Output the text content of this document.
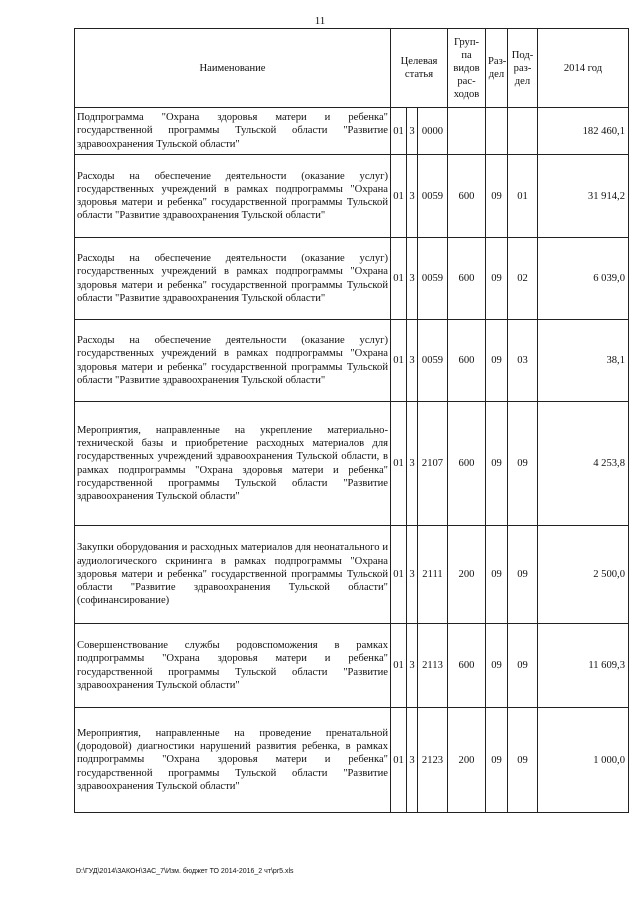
11
Наименование	Целевая статья			Груп-па видов рас-ходов	Раз-дел	Под-раз-дел	2014 год
Подпрограмма "Охрана здоровья матери и ребенка" государственной программы Тульской области "Развитие здравоохранения Тульской области"	01	3	0000				182 460,1
Расходы на обеспечение деятельности (оказание услуг) государственных учреждений в рамках подпрограммы "Охрана здоровья матери и ребенка" государственной программы Тульской области "Развитие здравоохранения Тульской области"	01	3	0059	600	09	01	31 914,2
Расходы на обеспечение деятельности (оказание услуг) государственных учреждений в рамках подпрограммы "Охрана здоровья матери и ребенка" государственной программы Тульской области "Развитие здравоохранения Тульской области"	01	3	0059	600	09	02	6 039,0
Расходы на обеспечение деятельности (оказание услуг) государственных учреждений в рамках подпрограммы "Охрана здоровья матери и ребенка" государственной программы Тульской области "Развитие здравоохранения Тульской области"	01	3	0059	600	09	03	38,1
Мероприятия, направленные на укрепление материально-технической базы и приобретение расходных материалов для государственных учреждений здравоохранения Тульской области, в рамках подпрограммы "Охрана здоровья матери и ребенка" государственной программы Тульской области "Развитие здравоохранения Тульской области"	01	3	2107	600	09	09	4 253,8
Закупки оборудования и расходных материалов для неонатального и аудиологического скрининга в рамках подпрограммы "Охрана здоровья матери и ребенка" государственной программы Тульской области "Развитие здравоохранения Тульской области" (софинансирование)	01	3	2111	200	09	09	2 500,0
Совершенствование службы родовспоможения в рамках подпрограммы "Охрана здоровья матери и ребенка" государственной программы Тульской области "Развитие здравоохранения Тульской области"	01	3	2113	600	09	09	11 609,3
Мероприятия, направленные на проведение пренатальной (дородовой) диагностики нарушений развития ребенка, в рамках подпрограммы "Охрана здоровья матери и ребенка" государственной программы Тульской области "Развитие здравоохранения Тульской области"	01	3	2123	200	09	09	1 000,0
D:\ГУД\2014\ЗАКОН\ЗАС_7\Изм. бюджет ТО 2014-2016_2 чт\pr5.xls
